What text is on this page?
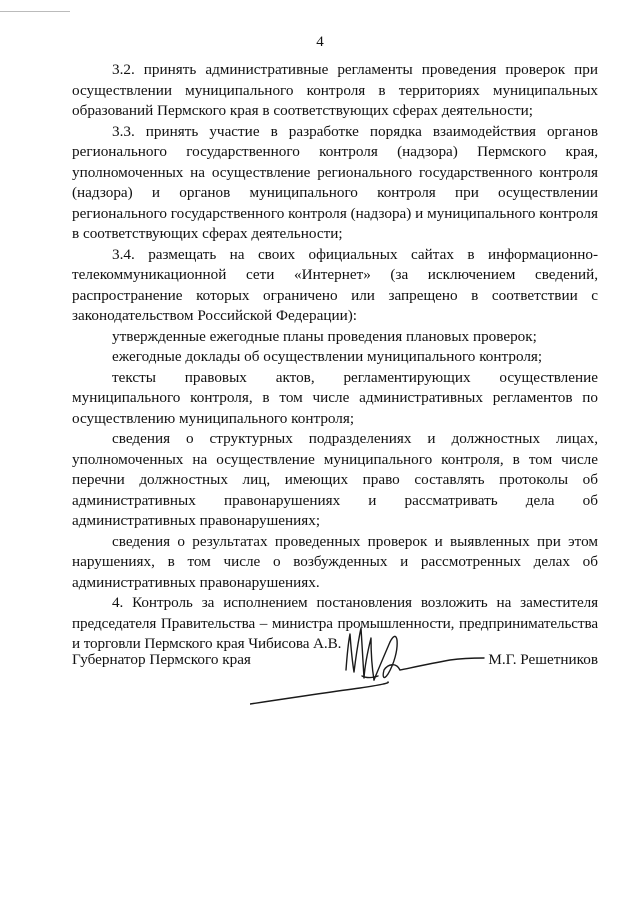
4

3.2. принять административные регламенты проведения проверок при осуществлении муниципального контроля в территориях муниципальных образований Пермского края в соответствующих сферах деятельности;

3.3. принять участие в разработке порядка взаимодействия органов регионального государственного контроля (надзора) Пермского края, уполномоченных на осуществление регионального государственного контроля (надзора) и органов муниципального контроля при осуществлении регионального государственного контроля (надзора) и муниципального контроля в соответствующих сферах деятельности;

3.4. размещать на своих официальных сайтах в информационно-телекоммуникационной сети «Интернет» (за исключением сведений, распространение которых ограничено или запрещено в соответствии с законодательством Российской Федерации):

утвержденные ежегодные планы проведения плановых проверок;

ежегодные доклады об осуществлении муниципального контроля;

тексты правовых актов, регламентирующих осуществление муниципального контроля, в том числе административных регламентов по осуществлению муниципального контроля;

сведения о структурных подразделениях и должностных лицах, уполномоченных на осуществление муниципального контроля, в том числе перечни должностных лиц, имеющих право составлять протоколы об административных правонарушениях и рассматривать дела об административных правонарушениях;

сведения о результатах проведенных проверок и выявленных при этом нарушениях, в том числе о возбужденных и рассмотренных делах об административных правонарушениях.

4. Контроль за исполнением постановления возложить на заместителя председателя Правительства – министра промышленности, предпринимательства и торговли Пермского края Чибисова А.В.

Губернатор Пермского края	М.Г. Решетников
